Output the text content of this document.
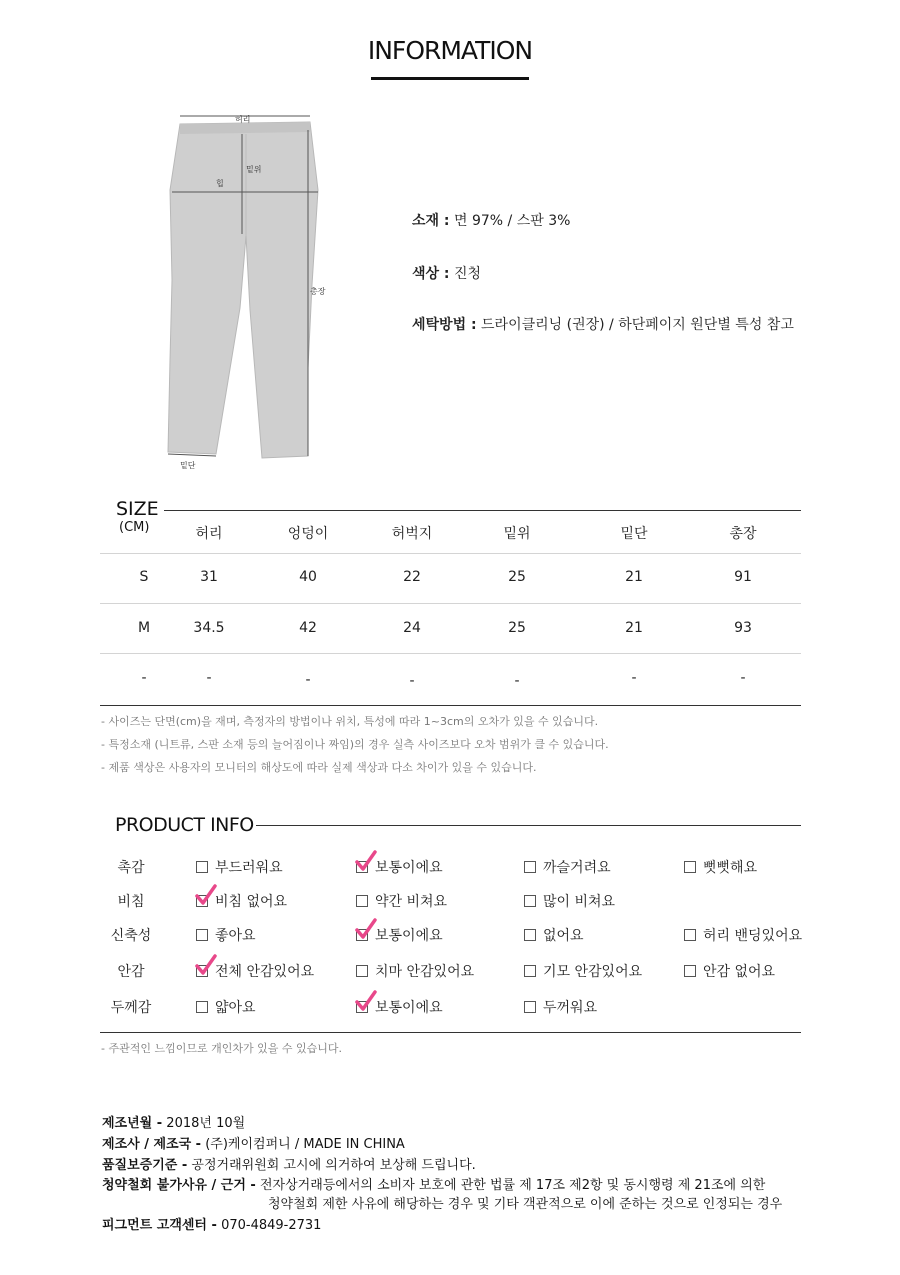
INFORMATION
허리
밑위
힙
총장
밑단
소재 : 면 97% / 스판 3%
색상 : 진청
세탁방법 : 드라이클리닝 (권장) / 하단페이지 원단별 특성 참고
SIZE
(CM)	허리	엉덩이	허벅지	밑위	밑단	총장
S	31	40	22	25	21	91
M	34.5	42	24	25	21	93
-	-	-	-	-	-	-
- 사이즈는 단면(cm)을 재며, 측정자의 방법이나 위치, 특성에 따라 1~3cm의 오차가 있을 수 있습니다.
- 특정소재 (니트류, 스판 소재 등의 늘어짐이나 짜임)의 경우 실측 사이즈보다 오차 범위가 클 수 있습니다.
- 제품 색상은 사용자의 모니터의 해상도에 따라 실제 색상과 다소 차이가 있을 수 있습니다.
PRODUCT INFO
촉감	부드러워요	보통이에요	까슬거려요	뻣뻣해요
비침	비침 없어요	약간 비쳐요	많이 비쳐요
신축성	좋아요	보통이에요	없어요	허리 밴딩있어요
안감	전체 안감있어요	치마 안감있어요	기모 안감있어요	안감 없어요
두께감	얇아요	보통이에요	두꺼워요
- 주관적인 느낌이므로 개인차가 있을 수 있습니다.
제조년월 - 2018년 10월
제조사 / 제조국 - (주)케이컴퍼니 / MADE IN CHINA
품질보증기준 - 공정거래위원회 고시에 의거하여 보상해 드립니다.
청약철회 불가사유 / 근거 - 전자상거래등에서의 소비자 보호에 관한 법률 제 17조 제2항 및 동시행령 제 21조에 의한
청약철회 제한 사유에 해당하는 경우 및 기타 객관적으로 이에 준하는 것으로 인정되는 경우
피그먼트 고객센터 - 070-4849-2731
